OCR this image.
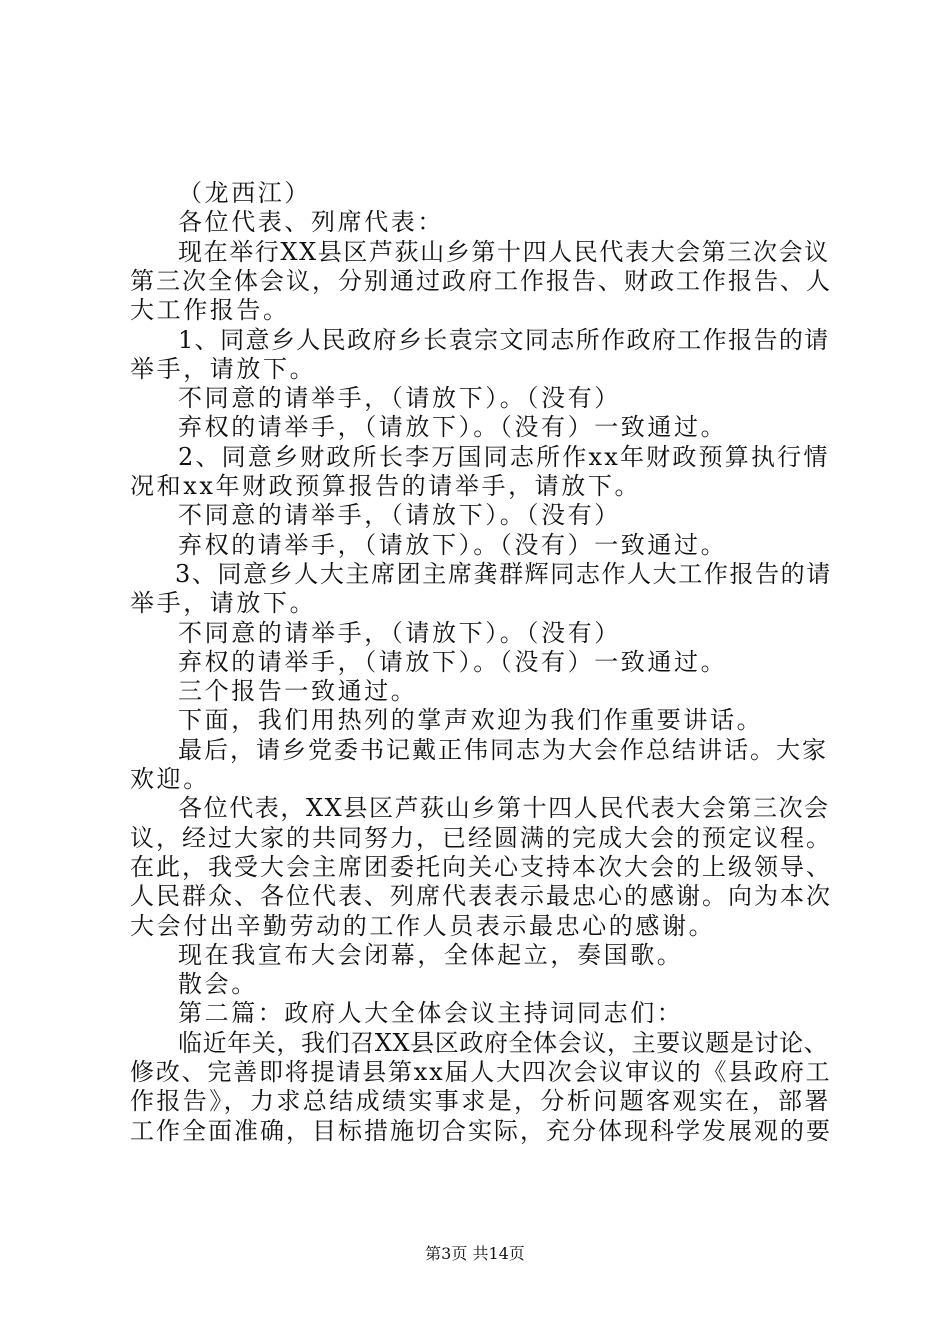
（龙西江）
各位代表、列席代表：
现在举行XX县区芦荻山乡第十四人民代表大会第三次会议
第三次全体会议，分别通过政府工作报告、财政工作报告、人
大工作报告。
1、同意乡人民政府乡长袁宗文同志所作政府工作报告的请
举手，请放下。
不同意的请举手，（请放下）。（没有）
弃权的请举手，（请放下）。（没有）一致通过。
2、同意乡财政所长李万国同志所作xx年财政预算执行情
况和xx年财政预算报告的请举手，请放下。
不同意的请举手，（请放下）。（没有）
弃权的请举手，（请放下）。（没有）一致通过。
3、同意乡人大主席团主席龚群辉同志作人大工作报告的请
举手，请放下。
不同意的请举手，（请放下）。（没有）
弃权的请举手，（请放下）。（没有）一致通过。
三个报告一致通过。
下面，我们用热列的掌声欢迎为我们作重要讲话。
最后，请乡党委书记戴正伟同志为大会作总结讲话。大家
欢迎。
各位代表，XX县区芦荻山乡第十四人民代表大会第三次会
议，经过大家的共同努力，已经圆满的完成大会的预定议程。
在此，我受大会主席团委托向关心支持本次大会的上级领导、
人民群众、各位代表、列席代表表示最忠心的感谢。向为本次
大会付出辛勤劳动的工作人员表示最忠心的感谢。
现在我宣布大会闭幕，全体起立，奏国歌。
散会。
第二篇：政府人大全体会议主持词同志们：
临近年关，我们召XX县区政府全体会议，主要议题是讨论、
修改、完善即将提请县第xx届人大四次会议审议的《县政府工
作报告》，力求总结成绩实事求是，分析问题客观实在，部署
工作全面准确，目标措施切合实际，充分体现科学发展观的要
第3页 共14页
